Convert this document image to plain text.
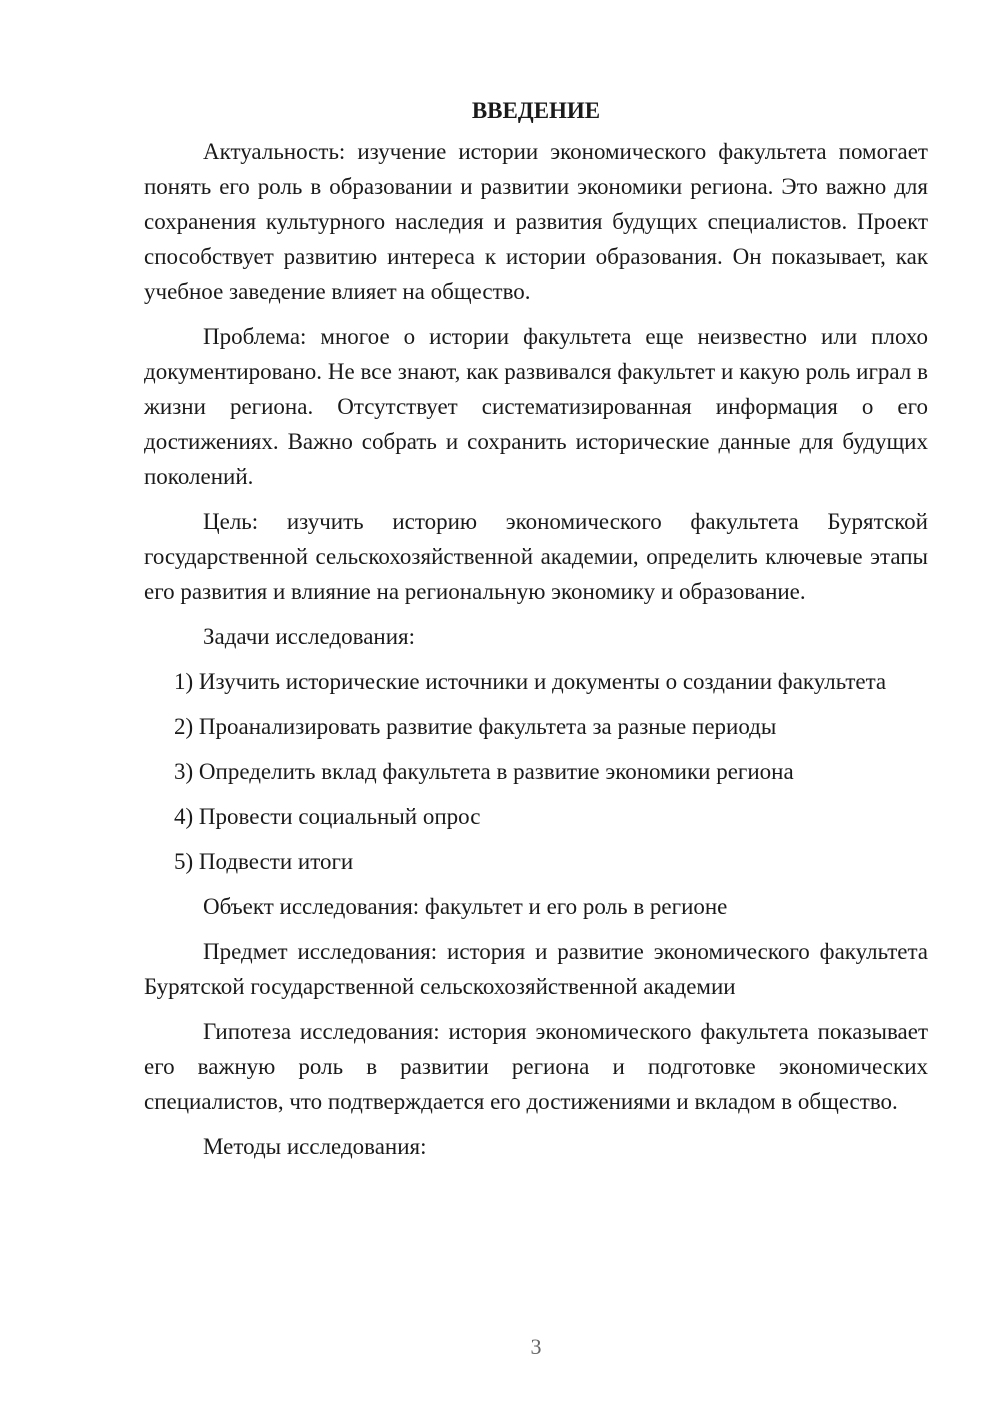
ВВЕДЕНИЕ

Актуальность: изучение истории экономического факультета помогает понять его роль в образовании и развитии экономики региона. Это важно для сохранения культурного наследия и развития будущих специалистов. Проект способствует развитию интереса к истории образования. Он показывает, как учебное заведение влияет на общество.

Проблема: многое о истории факультета еще неизвестно или плохо документировано. Не все знают, как развивался факультет и какую роль играл в жизни региона. Отсутствует систематизированная информация о его достижениях. Важно собрать и сохранить исторические данные для будущих поколений.

Цель: изучить историю экономического факультета Бурятской государственной сельскохозяйственной академии, определить ключевые этапы его развития и влияние на региональную экономику и образование.

Задачи исследования:

1) Изучить исторические источники и документы о создании факультета

2) Проанализировать развитие факультета за разные периоды

3) Определить вклад факультета в развитие экономики региона

4) Провести социальный опрос

5) Подвести итоги

Объект исследования: факультет и его роль в регионе

Предмет исследования: история и развитие экономического факультета Бурятской государственной сельскохозяйственной академии

Гипотеза исследования: история экономического факультета показывает его важную роль в развитии региона и подготовке экономических специалистов, что подтверждается его достижениями и вкладом в общество.

Методы исследования:

3
